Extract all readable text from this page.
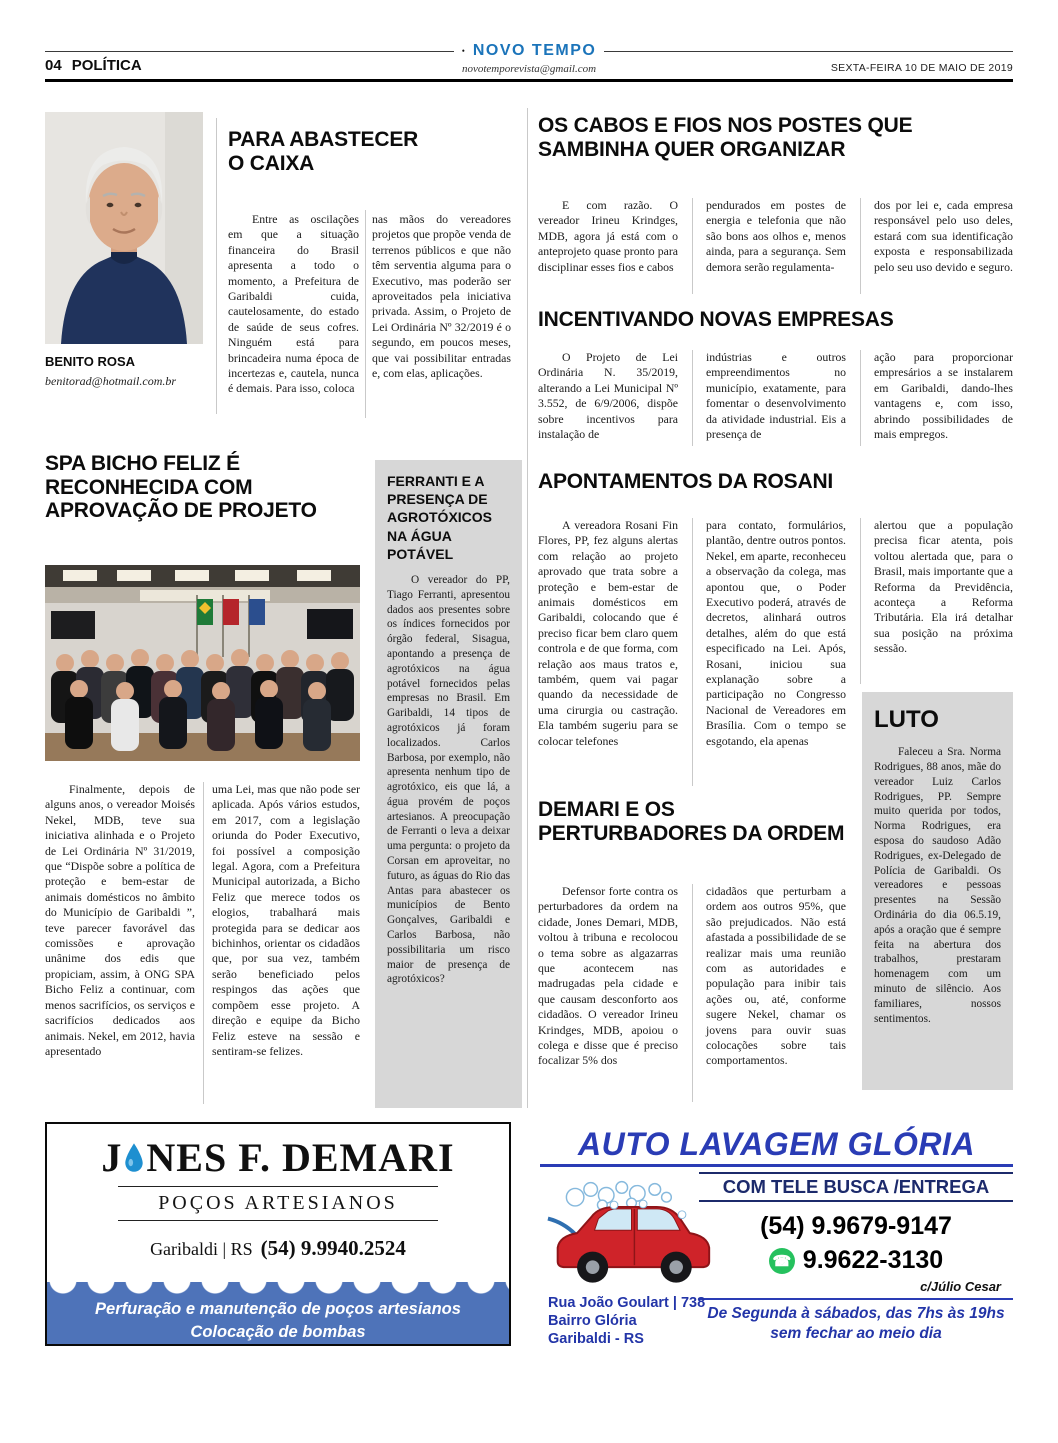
• NOVO TEMPO
novotemporevista@gmail.com
04 POLÍTICA	SEXTA-FEIRA 10 DE MAIO DE 2019
BENITO ROSA
benitorad@hotmail.com.br
PARA ABASTECER O CAIXA
Entre as oscilações em que a situação financeira do Brasil apresenta a todo o momento, a Prefeitura de Garibaldi cuida, cautelosamente, do estado de saúde de seus cofres. Ninguém está para brincadeira numa época de incertezas e, cautela, nunca é demais. Para isso, coloca
nas mãos do vereadores projetos que propõe venda de terrenos públicos e que não têm serventia alguma para o Executivo, mas poderão ser aproveitados pela iniciativa privada. Assim, o Projeto de Lei Ordinária Nº 32/2019 é o segundo, em poucos meses, que vai possibilitar entradas e, com elas, aplicações.
OS CABOS E FIOS NOS POSTES QUE SAMBINHA QUER ORGANIZAR
E com razão. O vereador Irineu Krindges, MDB, agora já está com o anteprojeto quase pronto para disciplinar esses fios e cabos
pendurados em postes de energia e telefonia que não são bons aos olhos e, menos ainda, para a segurança. Sem demora serão regulamenta-
dos por lei e, cada empresa responsável pelo uso deles, estará com sua identificação exposta e responsabilizada pelo seu uso devido e seguro.
INCENTIVANDO NOVAS EMPRESAS
O Projeto de Lei Ordinária N. 35/2019, alterando a Lei Municipal Nº 3.552, de 6/9/2006, dispõe sobre incentivos para instalação de
indústrias e outros empreendimentos no município, exatamente, para fomentar o desenvolvimento da atividade industrial. Eis a presença de
ação para proporcionar empresários a se instalarem em Garibaldi, dando-lhes vantagens e, com isso, abrindo possibilidades de mais empregos.
SPA BICHO FELIZ É RECONHECIDA COM APROVAÇÃO DE PROJETO
Finalmente, depois de alguns anos, o vereador Moisés Nekel, MDB, teve sua iniciativa alinhada e o Projeto de Lei Ordinária Nº 31/2019, que “Dispõe sobre a política de proteção e bem-estar de animais domésticos no âmbito do Município de Garibaldi ”, teve parecer favorável das comissões e aprovação unânime dos edis que propiciam, assim, à ONG SPA Bicho Feliz a continuar, com menos sacrifícios, os serviços e sacrifícios dedicados aos animais. Nekel, em 2012, havia apresentado
uma Lei, mas que não pode ser aplicada. Após vários estudos, em 2017, com a legislação oriunda do Poder Executivo, foi possível a composição legal. Agora, com a Prefeitura Municipal autorizada, a Bicho Feliz que merece todos os elogios, trabalhará mais protegida para se dedicar aos bichinhos, orientar os cidadãos que, por sua vez, também serão beneficiado pelos respingos das ações que compõem esse projeto. A direção e equipe da Bicho Feliz esteve na sessão e sentiram-se felizes.
FERRANTI E A PRESENÇA DE AGROTÓXICOS NA ÁGUA POTÁVEL
O vereador do PP, Tiago Ferranti, apresentou dados aos presentes sobre os índices fornecidos por órgão federal, Sisagua, apontando a presença de agrotóxicos na água potável fornecidos pelas empresas no Brasil. Em Garibaldi, 14 tipos de agrotóxicos já foram localizados. Carlos Barbosa, por exemplo, não apresenta nenhum tipo de agrotóxico, eis que lá, a água provém de poços artesianos. A preocupação de Ferranti o leva a deixar uma pergunta: o projeto da Corsan em aproveitar, no futuro, as águas do Rio das Antas para abastecer os municípios de Bento Gonçalves, Garibaldi e Carlos Barbosa, não possibilitaria um risco maior de presença de agrotóxicos?
APONTAMENTOS DA ROSANI
A vereadora Rosani Fin Flores, PP, fez alguns alertas com relação ao projeto aprovado que trata sobre a proteção e bem-estar de animais domésticos em Garibaldi, colocando que é preciso ficar bem claro quem controla e de que forma, com relação aos maus tratos e, também, quem vai pagar quando da necessidade de uma cirurgia ou castração. Ela também sugeriu para se colocar telefones
para contato, formulários, plantão, dentre outros pontos. Nekel, em aparte, reconheceu a observação da colega, mas apontou que, o Poder Executivo poderá, através de decretos, alinhará outros detalhes, além do que está especificado na Lei. Após, Rosani, iniciou sua explanação sobre a participação no Congresso Nacional de Vereadores em Brasília. Com o tempo se esgotando, ela apenas
alertou que a população precisa ficar atenta, pois voltou alertada que, para o Brasil, mais importante que a Reforma da Previdência, aconteça a Reforma Tributária. Ela irá detalhar sua posição na próxima sessão.
LUTO
Faleceu a Sra. Norma Rodrigues, 88 anos, mãe do vereador Luiz Carlos Rodrigues, PP. Sempre muito querida por todos, Norma Rodrigues, era esposa do saudoso Adão Rodrigues, ex-Delegado de Polícia de Garibaldi. Os vereadores e pessoas presentes na Sessão Ordinária do dia 06.5.19, após a oração que é sempre feita na abertura dos trabalhos, prestaram homenagem com um minuto de silêncio. Aos familiares, nossos sentimentos.
DEMARI E OS PERTURBADORES DA ORDEM
Defensor forte contra os perturbadores da ordem na cidade, Jones Demari, MDB, voltou à tribuna e recolocou o tema sobre as algazarras que acontecem nas madrugadas pela cidade e que causam desconforto aos cidadãos. O vereador Irineu Krindges, MDB, apoiou o colega e disse que é preciso focalizar 5% dos
cidadãos que perturbam a ordem aos outros 95%, que são prejudicados. Não está afastada a possibilidade de se realizar mais uma reunião com as autoridades e população para inibir tais ações ou, até, conforme sugere Nekel, chamar os jovens para ouvir suas colocações sobre tais comportamentos.
J NES F. DEMARI
POÇOS ARTESIANOS
Garibaldi | RS (54) 9.9940.2524
Perfuração e manutenção de poços artesianos
Colocação de bombas
AUTO LAVAGEM GLÓRIA
COM TELE BUSCA /ENTREGA
(54) 9.9679-9147
☎ 9.9622-3130
c/Júlio Cesar
Rua João Goulart | 738
Bairro Glória
Garibaldi - RS
De Segunda à sábados, das 7hs às 19hs
sem fechar ao meio dia
